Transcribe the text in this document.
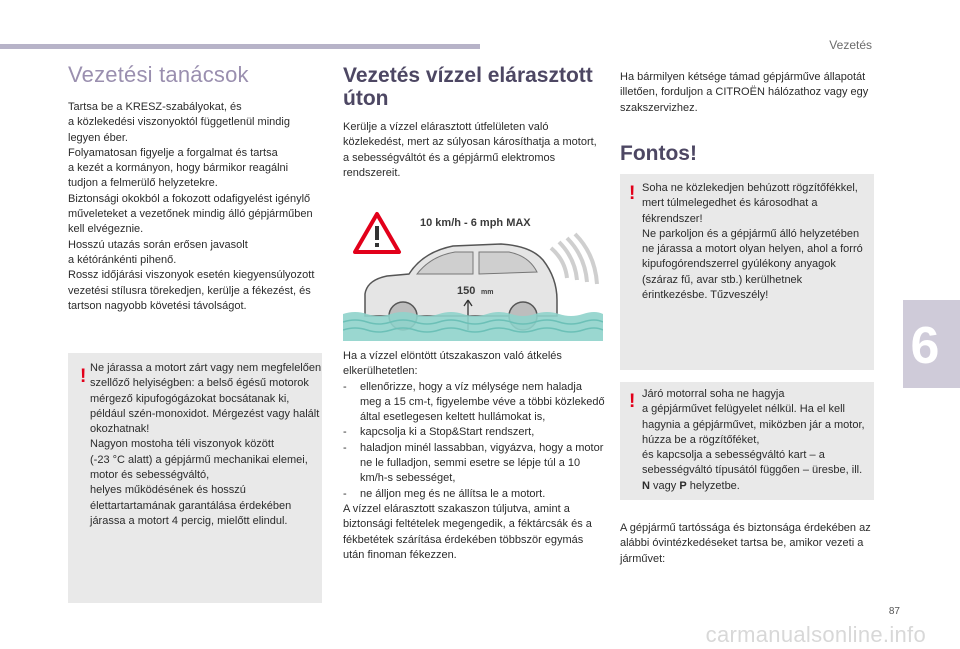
Vezetés
6
Vezetési tanácsok

Tartsa be a KRESZ-szabályokat, és
a közlekedési viszonyoktól függetlenül mindig legyen éber.
Folyamatosan figyelje a forgalmat és tartsa
a kezét a kormányon, hogy bármikor reagálni tudjon a felmerülő helyzetekre.
Biztonsági okokból a fokozott odafigyelést igénylő műveleteket a vezetőnek mindig álló gépjárműben kell elvégeznie.
Hosszú utazás során erősen javasolt
a kétóránkénti pihenő.
Rossz időjárási viszonyok esetén kiegyensúlyozott vezetési stílusra törekedjen, kerülje a fékezést, és tartson nagyobb követési távolságot.

! Ne járassa a motort zárt vagy nem megfelelően szellőző helyiségben: a belső égésű motorok mérgező kipufogógázokat bocsátanak ki, például szén-monoxidot. Mérgezést vagy halált okozhatnak!
Nagyon mostoha téli viszonyok között
(-23 °C alatt) a gépjármű mechanikai elemei, motor és sebességváltó,
helyes működésének és hosszú élettartartamának garantálása érdekében járassa a motort 4 percig, mielőtt elindul.

Vezetés vízzel elárasztott úton

Kerülje a vízzel elárasztott útfelületen való közlekedést, mert az súlyosan károsíthatja a motort, a sebességváltót és a gépjármű elektromos rendszereit.

10 km/h - 6 mph MAX
150 mm

Ha a vízzel elöntött útszakaszon való átkelés elkerülhetetlen:

- ellenőrizze, hogy a víz mélysége nem haladja meg a 15 cm-t, figyelembe véve a többi közlekedő által esetlegesen keltett hullámokat is,
- kapcsolja ki a Stop&Start rendszert,
- haladjon minél lassabban, vigyázva, hogy a motor ne le fulladjon, semmi esetre se lépje túl a 10 km/h-s sebességet,
- ne álljon meg és ne állítsa le a motort.

A vízzel elárasztott szakaszon túljutva, amint a biztonsági feltételek megengedik, a féktárcsák és a fékbetétek szárítása érdekében többször egymás után finoman fékezzen.

Ha bármilyen kétsége támad gépjárműve állapotát illetően, forduljon a CITROËN hálózathoz vagy egy szakszervizhez.

Fontos!
! Soha ne közlekedjen behúzott rögzítőfékkel, mert túlmelegedhet és károsodhat a fékrendszer!
Ne parkoljon és a gépjármű álló helyzetében ne járassa a motort olyan helyen, ahol a forró kipufogórendszerrel gyúlékony anyagok (száraz fű, avar stb.) kerülhetnek érintkezésbe. Tűzveszély!

! Járó motorral soha ne hagyja
a gépjárművet felügyelet nélkül. Ha el kell hagynia a gépjárművet, miközben jár a motor, húzza be a rögzítőféket,
és kapcsolja a sebességváltó kart – a sebességváltó típusától függően – üresbe, ill. N vagy P helyzetbe.

A gépjármű tartóssága és biztonsága érdekében az alábbi óvintézkedéseket tartsa be, amikor vezeti a járművet:

87
carmanualsonline.info
